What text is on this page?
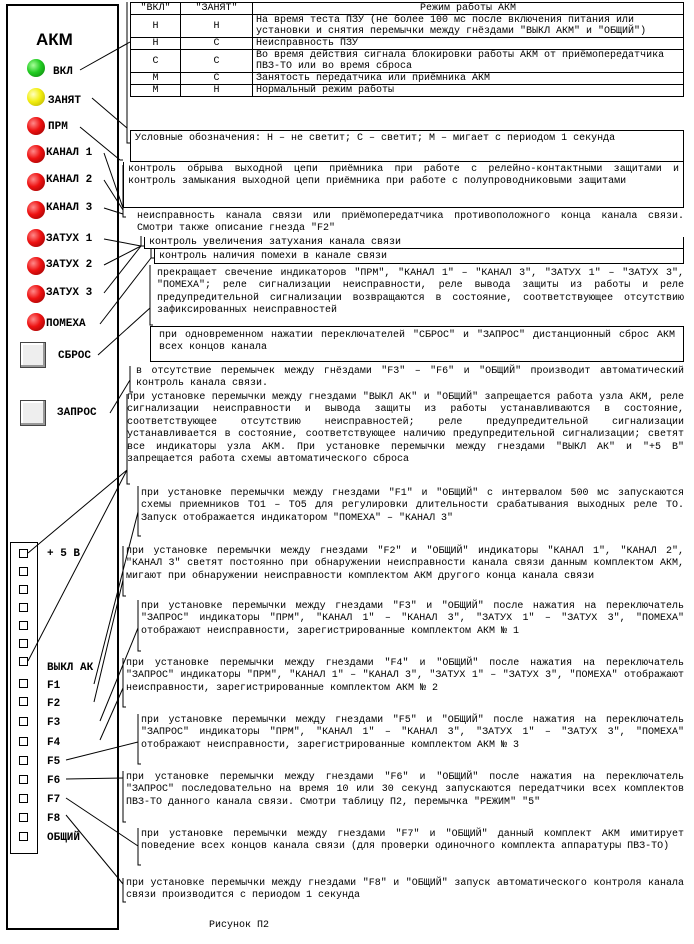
АКМ
ВКЛ
ЗАНЯТ
ПРМ
КАНАЛ 1
КАНАЛ 2
КАНАЛ 3
ЗАТУХ 1
ЗАТУХ 2
ЗАТУХ 3
ПОМЕХА
СБРОС
ЗАПРОС
+ 5 В
ВЫКЛ АК
F1
F2
F3
F4
F5
F6
F7
F8
ОБЩИЙ
"ВКЛ"	"ЗАНЯТ"	Режим работы АКМ
Н	Н	На время теста ПЗУ (не более 100 мс после включения питания или установки и снятия перемычки между гнёздами "ВЫКЛ АКМ" и "ОБЩИЙ")
Н	С	Неисправность ПЗУ
С	С	Во время действия сигнала блокировки работы АКМ от приёмопередатчика ПВЗ-ТО или во время сброса
М	С	Занятость передатчика или приёмника АКМ
М	Н	Нормальный режим работы
Условные обозначения: Н – не светит; С – светит; М – мигает с периодом 1 секунда
контроль обрыва выходной цепи приёмника при работе с релейно-контактными защитами и контроль замыкания выходной цепи приёмника при работе с полупроводниковыми защитами
неисправность канала связи или приёмопередатчика противоположного конца канала связи. Смотри также описание гнезда "F2"
контроль увеличения затухания канала связи
контроль наличия помехи в канале связи
прекращает свечение индикаторов "ПРМ", "КАНАЛ 1" – "КАНАЛ 3", "ЗАТУХ 1" – "ЗАТУХ 3", "ПОМЕХА"; реле сигнализации неисправности, реле вывода защиты из работы и реле предупредительной сигнализации возвращаются в состояние, соответствующее отсутствию зафиксированных неисправностей
при одновременном нажатии переключателей "СБРОС" и "ЗАПРОС" дистанционный сброс АКМ всех концов канала
в отсутствие перемычек между гнёздами "F3" – "F6" и "ОБЩИЙ" производит автоматический контроль канала связи.
при установке перемычки между гнездами "ВЫКЛ АК" и "ОБЩИЙ" запрещается работа узла АКМ, реле сигнализации неисправности и вывода защиты из работы устанавливаются в состояние, соответствующее отсутствию неисправностей; реле предупредительной сигнализации устанавливается в состояние, соответствующее наличию предупредительной сигнализации; светят все индикаторы узла АКМ. При установке перемычки между гнездами "ВЫКЛ АК" и "+5 В" запрещается работа схемы автоматического сброса
при установке перемычки между гнездами "F1" и "ОБЩИЙ" с интервалом 500 мс запускаются схемы приемников ТО1 – ТО5 для регулировки длительности срабатывания выходных реле ТО. Запуск отображается индикатором "ПОМЕХА" – "КАНАЛ 3"
при установке перемычки между гнездами "F2" и "ОБЩИЙ" индикаторы "КАНАЛ 1", "КАНАЛ 2", "КАНАЛ 3" светят постоянно при обнаружении неисправности канала связи данным комплектом АКМ, мигают при обнаружении неисправности комплектом АКМ другого конца канала связи
при установке перемычки между гнездами "F3" и "ОБЩИЙ" после нажатия на переключатель "ЗАПРОС" индикаторы "ПРМ", "КАНАЛ 1" – "КАНАЛ 3", "ЗАТУХ 1" – "ЗАТУХ 3", "ПОМЕХА" отображают неисправности, зарегистрированные комплектом АКМ № 1
при установке перемычки между гнездами "F4" и "ОБЩИЙ" после нажатия на переключатель "ЗАПРОС" индикаторы "ПРМ", "КАНАЛ 1" – "КАНАЛ 3", "ЗАТУХ 1" – "ЗАТУХ 3", "ПОМЕХА" отображают неисправности, зарегистрированные комплектом АКМ № 2
при установке перемычки между гнездами "F5" и "ОБЩИЙ" после нажатия на переключатель "ЗАПРОС" индикаторы "ПРМ", "КАНАЛ 1" – "КАНАЛ 3", "ЗАТУХ 1" – "ЗАТУХ 3", "ПОМЕХА" отображают неисправности, зарегистрированные комплектом АКМ № 3
при установке перемычки между гнездами "F6" и "ОБЩИЙ" после нажатия на переключатель "ЗАПРОС" последовательно на время 10 или 30 секунд запускаются передатчики всех комплектов ПВЗ-ТО данного канала связи. Смотри таблицу П2, перемычка "РЕЖИМ" "5"
при установке перемычки между гнездами "F7" и "ОБЩИЙ" данный комплект АКМ имитирует поведение всех концов канала связи (для проверки одиночного комплекта аппаратуры ПВЗ-ТО)
при установке перемычки между гнездами "F8" и "ОБЩИЙ" запуск автоматического контроля канала связи производится с периодом 1 секунда
Рисунок П2
